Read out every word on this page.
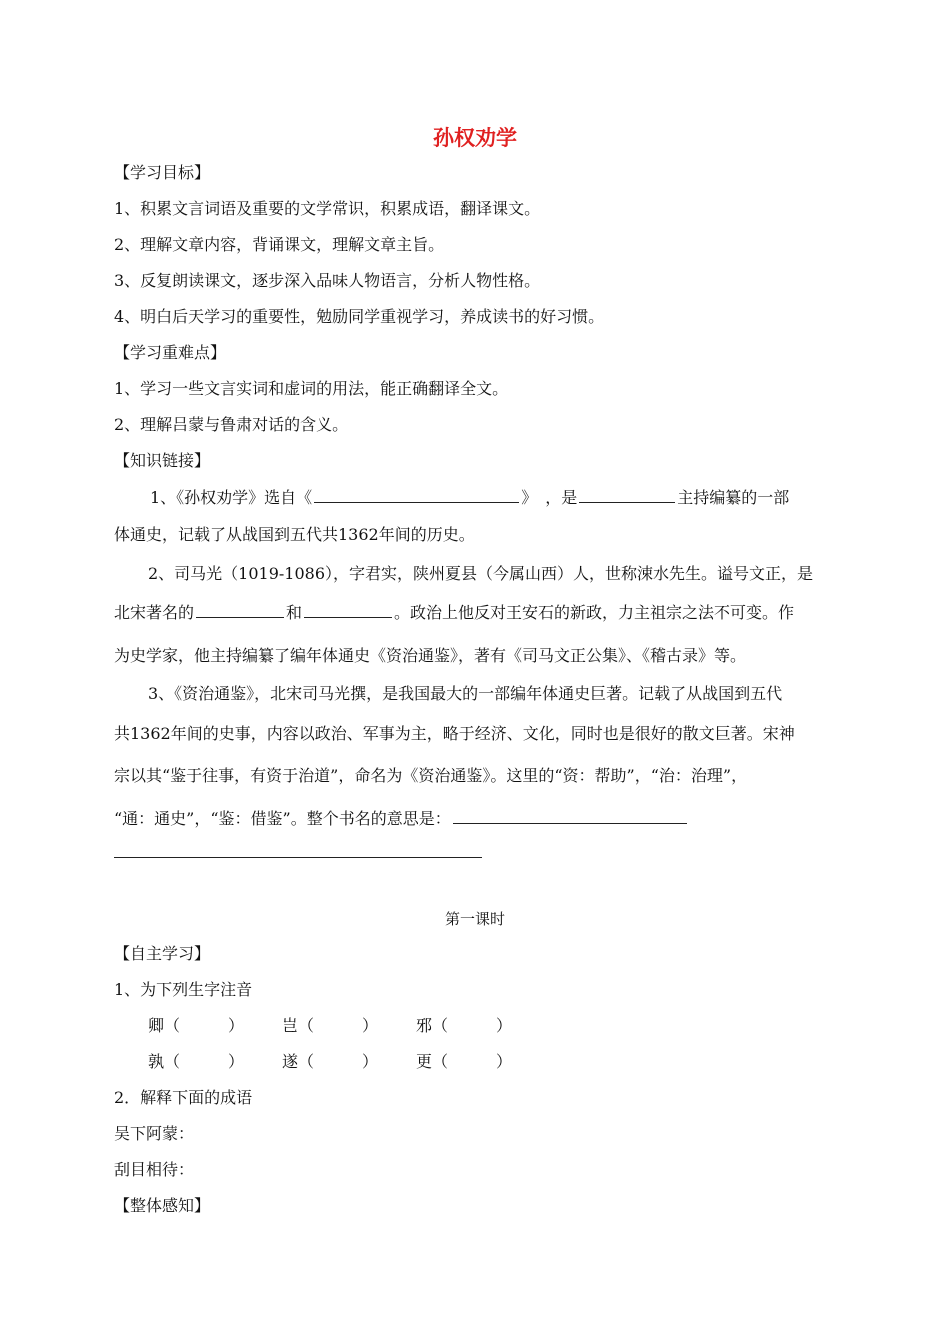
孙权劝学
【学习目标】
1、积累文言词语及重要的文学常识，积累成语，翻译课文。
2、理解文章内容，背诵课文，理解文章主旨。
3、反复朗读课文，逐步深入品味人物语言，分析人物性格。
4、明白后天学习的重要性，勉励同学重视学习，养成读书的好习惯。
【学习重难点】
1、学习一些文言实词和虚词的用法，能正确翻译全文。
2、理解吕蒙与鲁肃对话的含义。
【知识链接】
1、《孙权劝学》选自《	》　，是	主持编纂的一部
体通史，记载了从战国到五代共1362年间的历史。
2、司马光（1019-1086），字君实，陕州夏县（今属山西）人，世称涑水先生。谥号文正，是
北宋著名的	和	。政治上他反对王安石的新政，力主祖宗之法不可变。作
为史学家，他主持编纂了编年体通史《资治通鉴》，著有《司马文正公集》、《稽古录》等。
3、《资治通鉴》，北宋司马光撰，是我国最大的一部编年体通史巨著。记载了从战国到五代
共1362年间的史事，内容以政治、军事为主，略于经济、文化，同时也是很好的散文巨著。宋神
宗以其“鉴于往事，有资于治道”，命名为《资治通鉴》。这里的“资：帮助”，“治：治理”，
“通：通史”，“鉴：借鉴”。整个书名的意思是：
第一课时
【自主学习】
1、为下列生字注音
卿（　　　） 岂（　　　） 邪（　　　）
孰（　　　） 遂（　　　） 更（　　　）
2．解释下面的成语
吴下阿蒙：
刮目相待：
【整体感知】
